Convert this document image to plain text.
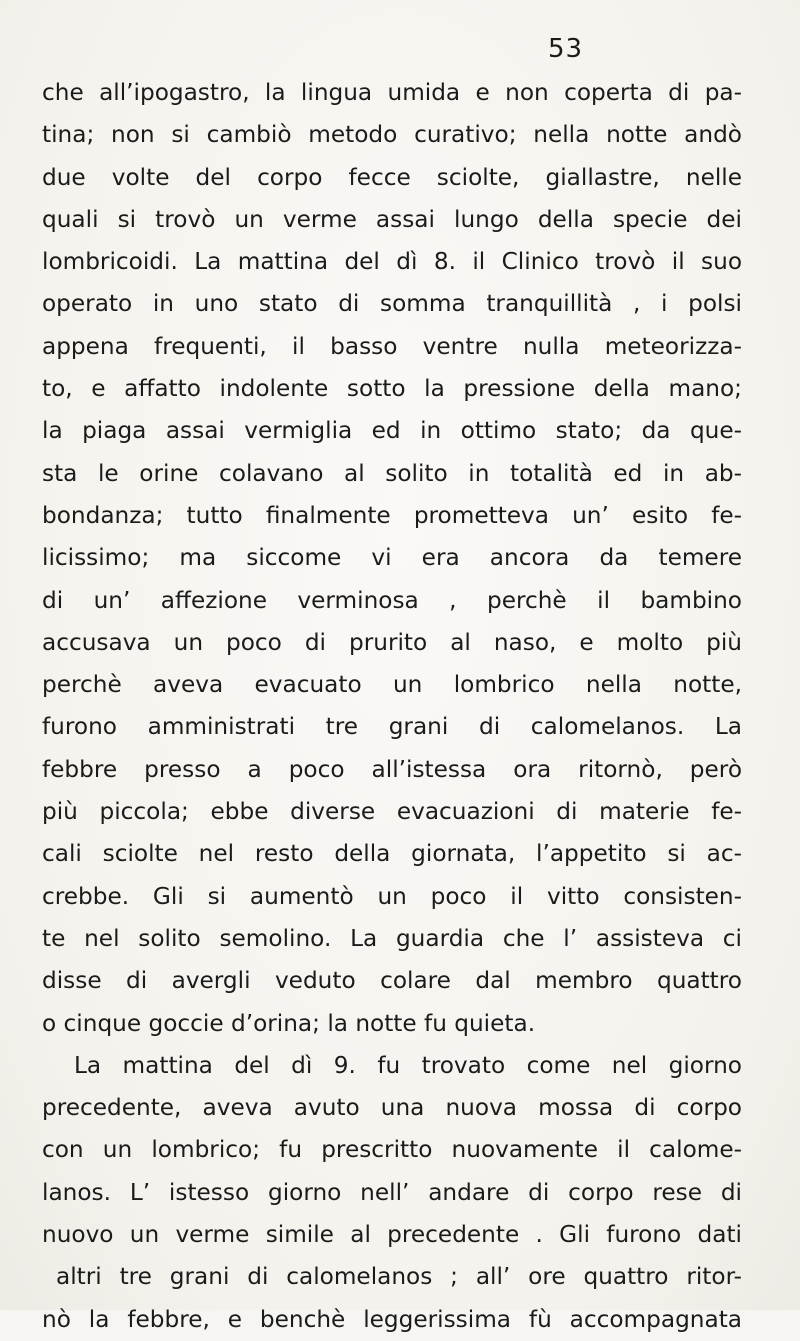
53
che all’ipogastro, la lingua umida e non coperta di pa-
tina; non si cambiò metodo curativo; nella notte andò
due volte del corpo fecce sciolte, giallastre, nelle
quali si trovò un verme assai lungo della specie dei
lombricoidi. La mattina del dì 8. il Clinico trovò il suo
operato in uno stato di somma tranquillità , i polsi
appena frequenti, il basso ventre nulla meteorizza-
to, e affatto indolente sotto la pressione della mano;
la piaga assai vermiglia ed in ottimo stato; da que-
sta le orine colavano al solito in totalità ed in ab-
bondanza; tutto finalmente prometteva un’ esito fe-
licissimo; ma siccome vi era ancora da temere
di un’ affezione verminosa , perchè il bambino
accusava un poco di prurito al naso, e molto più
perchè aveva evacuato un lombrico nella notte,
furono amministrati tre grani di calomelanos. La
febbre presso a poco all’istessa ora ritornò, però
più piccola; ebbe diverse evacuazioni di materie fe-
cali sciolte nel resto della giornata, l’appetito si ac-
crebbe. Gli si aumentò un poco il vitto consisten-
te nel solito semolino. La guardia che l’ assisteva ci
disse di avergli veduto colare dal membro quattro
o cinque goccie d’orina; la notte fu quieta.
La mattina del dì 9. fu trovato come nel giorno
precedente, aveva avuto una nuova mossa di corpo
con un lombrico; fu prescritto nuovamente il calome-
lanos. L’ istesso giorno nell’ andare di corpo rese di
nuovo un verme simile al precedente . Gli furono dati
altri tre grani di calomelanos ; all’ ore quattro ritor-
nò la febbre, e benchè leggerissima fù accompagnata
